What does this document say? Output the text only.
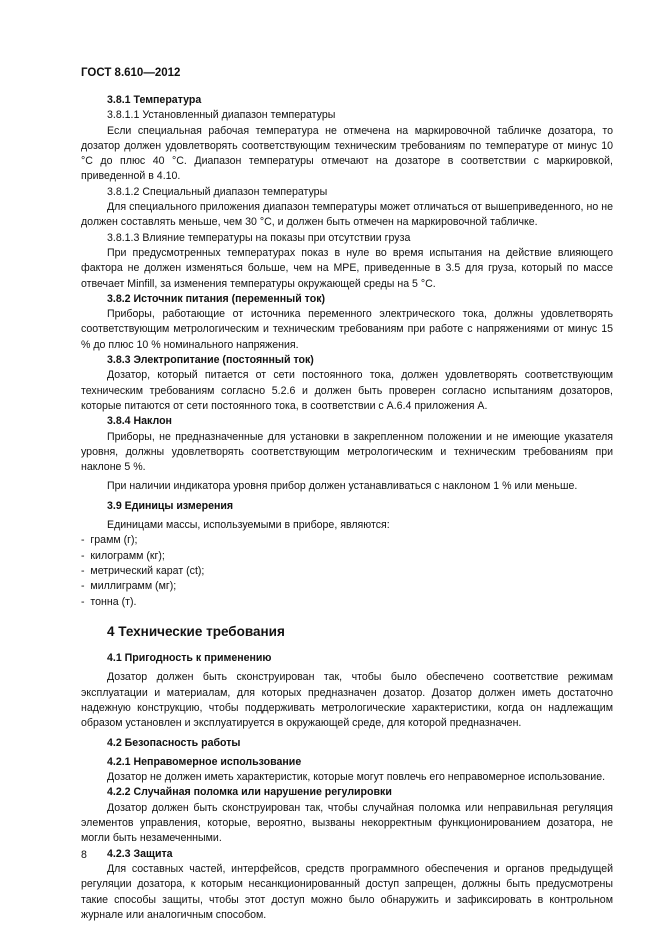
ГОСТ 8.610—2012

3.8.1 Температура

3.8.1.1 Установленный диапазон температуры

Если специальная рабочая температура не отмечена на маркировочной табличке дозатора, то дозатор должен удовлетворять соответствующим техническим требованиям по температуре от минус 10 °С до плюс 40 °С. Диапазон температуры отмечают на дозаторе в соответствии с маркировкой, приведенной в 4.10.

3.8.1.2 Специальный диапазон температуры

Для специального приложения диапазон температуры может отличаться от вышеприведенного, но не должен составлять меньше, чем 30 °С, и должен быть отмечен на маркировочной табличке.

3.8.1.3 Влияние температуры на показы при отсутствии груза

При предусмотренных температурах показ в нуле во время испытания на действие влияющего фактора не должен изменяться больше, чем на МРЕ, приведенные в 3.5 для груза, который по массе отвечает Minfill, за изменения температуры окружающей среды на 5 °С.

3.8.2 Источник питания (переменный ток)

Приборы, работающие от источника переменного электрического тока, должны удовлетворять соответствующим метрологическим и техническим требованиям при работе с напряжениями от минус 15 % до плюс 10 % номинального напряжения.

3.8.3 Электропитание (постоянный ток)

Дозатор, который питается от сети постоянного тока, должен удовлетворять соответствующим техническим требованиям согласно 5.2.6 и должен быть проверен согласно испытаниям дозаторов, которые питаются от сети постоянного тока, в соответствии с А.6.4 приложения А.

3.8.4 Наклон

Приборы, не предназначенные для установки в закрепленном положении и не имеющие указателя уровня, должны удовлетворять соответствующим метрологическим и техническим требованиям при наклоне 5 %.

При наличии индикатора уровня прибор должен устанавливаться с наклоном 1 % или меньше.

3.9 Единицы измерения

Единицами массы, используемыми в приборе, являются:

- грамм (г);
- килограмм (кг);
- метрический карат (ct);
- миллиграмм (мг);
- тонна (т).

4 Технические требования

4.1 Пригодность к применению

Дозатор должен быть сконструирован так, чтобы было обеспечено соответствие режимам эксплуатации и материалам, для которых предназначен дозатор. Дозатор должен иметь достаточно надежную конструкцию, чтобы поддерживать метрологические характеристики, когда он надлежащим образом установлен и эксплуатируется в окружающей среде, для которой предназначен.

4.2 Безопасность работы

4.2.1 Неправомерное использование

Дозатор не должен иметь характеристик, которые могут повлечь его неправомерное использование.

4.2.2 Случайная поломка или нарушение регулировки

Дозатор должен быть сконструирован так, чтобы случайная поломка или неправильная регуляция элементов управления, которые, вероятно, вызваны некорректным функционированием дозатора, не могли быть незамеченными.

4.2.3 Защита

Для составных частей, интерфейсов, средств программного обеспечения и органов предыдущей регуляции дозатора, к которым несанкционированный доступ запрещен, должны быть предусмотрены такие способы защиты, чтобы этот доступ можно было обнаружить и зафиксировать в контрольном журнале или аналогичным способом.

8
